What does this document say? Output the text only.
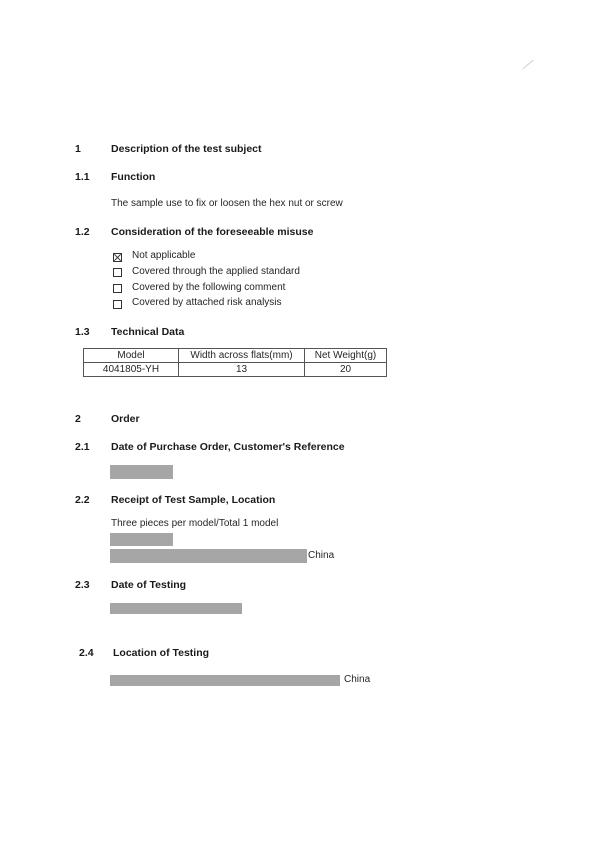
1	Description of the test subject
1.1 Function
The sample use to fix or loosen the hex nut or screw
1.2 Consideration of the foreseeable misuse
Not applicable
Covered through the applied standard
Covered by the following comment
Covered by attached risk analysis
1.3 Technical Data
Model	Width across flats(mm)	Net Weight(g)
4041805-YH	13	20
2	Order
2.1 Date of Purchase Order, Customer's Reference
2.2 Receipt of Test Sample, Location
Three pieces per model/Total 1 model
China
2.3 Date of Testing
2.4 Location of Testing
China
